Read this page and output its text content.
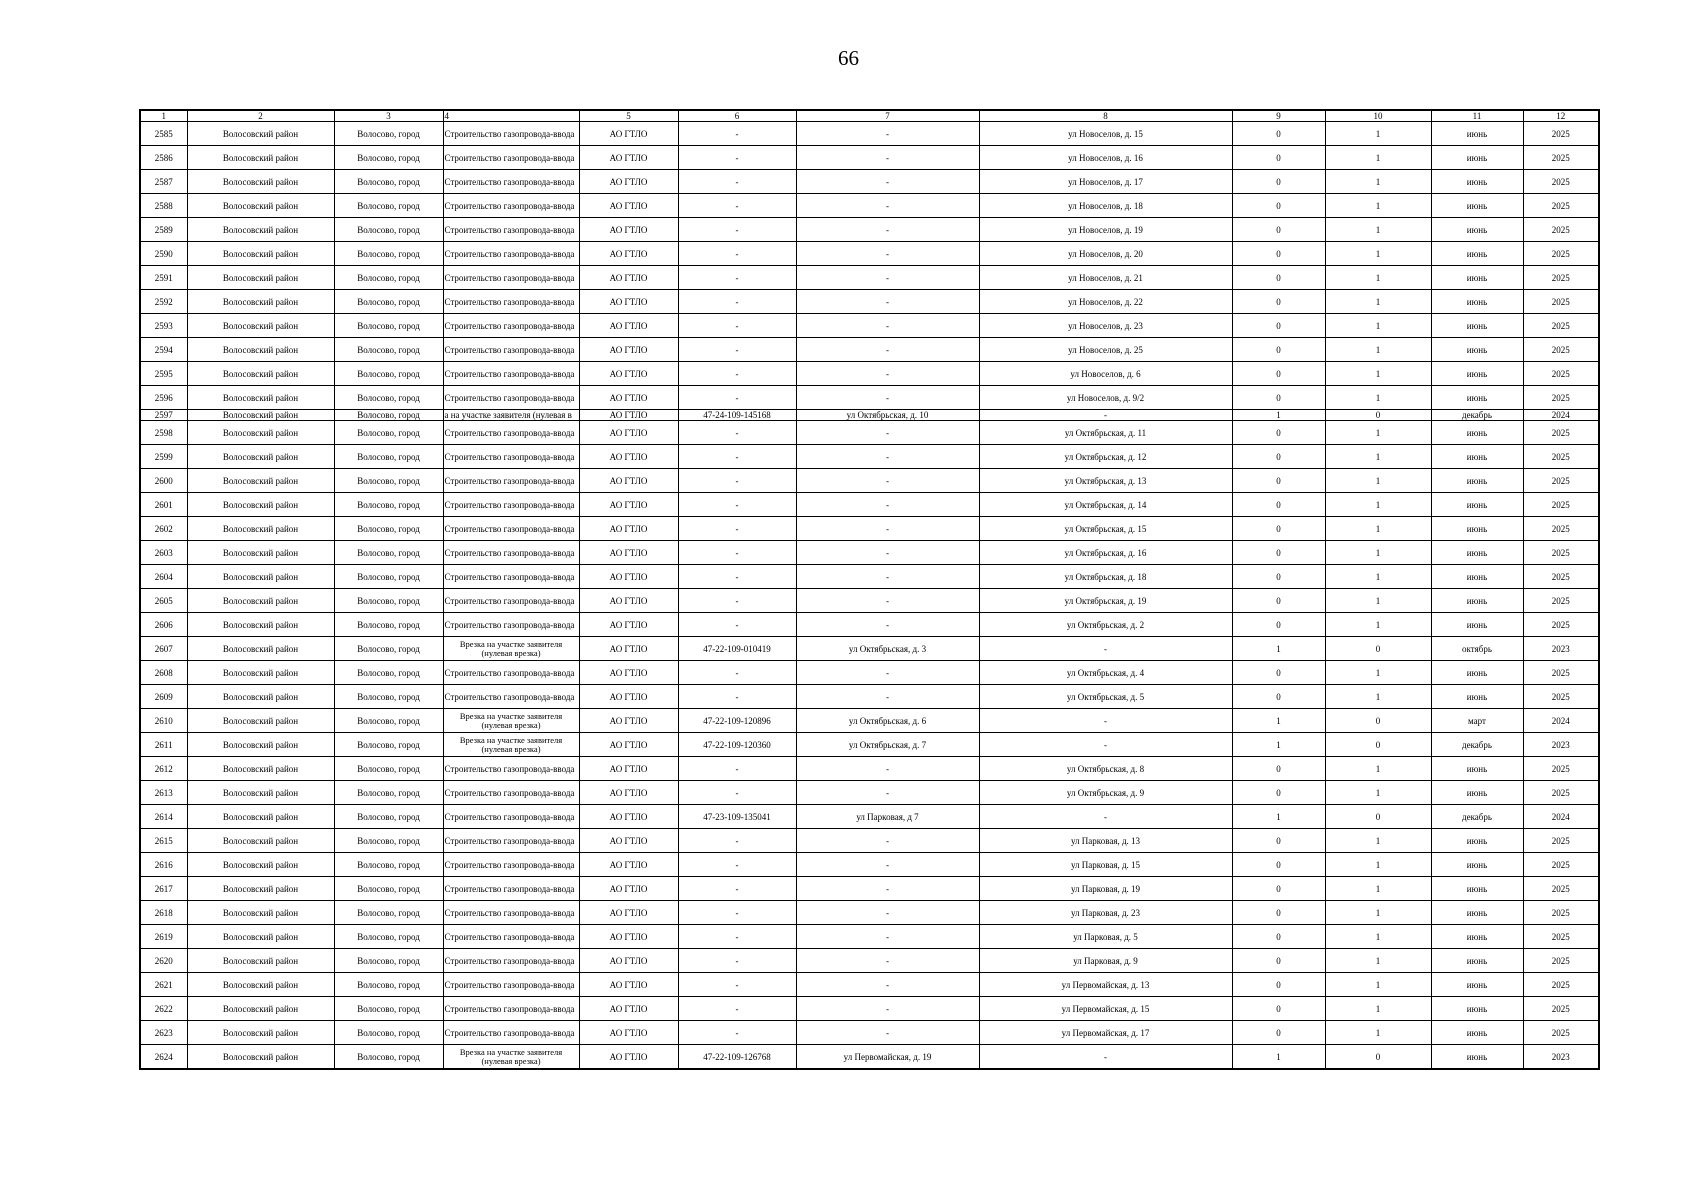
66
1	2	3	4	5	6	7	8	9	10	11	12
2585	Волосовский район	Волосово, город	Строительство газопровода-ввода	АО ГТЛО	-	-	ул Новоселов, д. 15	0	1	июнь	2025
2586	Волосовский район	Волосово, город	Строительство газопровода-ввода	АО ГТЛО	-	-	ул Новоселов, д. 16	0	1	июнь	2025
2587	Волосовский район	Волосово, город	Строительство газопровода-ввода	АО ГТЛО	-	-	ул Новоселов, д. 17	0	1	июнь	2025
2588	Волосовский район	Волосово, город	Строительство газопровода-ввода	АО ГТЛО	-	-	ул Новоселов, д. 18	0	1	июнь	2025
2589	Волосовский район	Волосово, город	Строительство газопровода-ввода	АО ГТЛО	-	-	ул Новоселов, д. 19	0	1	июнь	2025
2590	Волосовский район	Волосово, город	Строительство газопровода-ввода	АО ГТЛО	-	-	ул Новоселов, д. 20	0	1	июнь	2025
2591	Волосовский район	Волосово, город	Строительство газопровода-ввода	АО ГТЛО	-	-	ул Новоселов, д. 21	0	1	июнь	2025
2592	Волосовский район	Волосово, город	Строительство газопровода-ввода	АО ГТЛО	-	-	ул Новоселов, д. 22	0	1	июнь	2025
2593	Волосовский район	Волосово, город	Строительство газопровода-ввода	АО ГТЛО	-	-	ул Новоселов, д. 23	0	1	июнь	2025
2594	Волосовский район	Волосово, город	Строительство газопровода-ввода	АО ГТЛО	-	-	ул Новоселов, д. 25	0	1	июнь	2025
2595	Волосовский район	Волосово, город	Строительство газопровода-ввода	АО ГТЛО	-	-	ул Новоселов, д. 6	0	1	июнь	2025
2596	Волосовский район	Волосово, город	Строительство газопровода-ввода	АО ГТЛО	-	-	ул Новоселов, д. 9/2	0	1	июнь	2025
2597	Волосовский район	Волосово, город	а на участке заявителя (нулевая в	АО ГТЛО	47-24-109-145168	ул Октябрьская, д. 10	-	1	0	декабрь	2024
2598	Волосовский район	Волосово, город	Строительство газопровода-ввода	АО ГТЛО	-	-	ул Октябрьская, д. 11	0	1	июнь	2025
2599	Волосовский район	Волосово, город	Строительство газопровода-ввода	АО ГТЛО	-	-	ул Октябрьская, д. 12	0	1	июнь	2025
2600	Волосовский район	Волосово, город	Строительство газопровода-ввода	АО ГТЛО	-	-	ул Октябрьская, д. 13	0	1	июнь	2025
2601	Волосовский район	Волосово, город	Строительство газопровода-ввода	АО ГТЛО	-	-	ул Октябрьская, д. 14	0	1	июнь	2025
2602	Волосовский район	Волосово, город	Строительство газопровода-ввода	АО ГТЛО	-	-	ул Октябрьская, д. 15	0	1	июнь	2025
2603	Волосовский район	Волосово, город	Строительство газопровода-ввода	АО ГТЛО	-	-	ул Октябрьская, д. 16	0	1	июнь	2025
2604	Волосовский район	Волосово, город	Строительство газопровода-ввода	АО ГТЛО	-	-	ул Октябрьская, д. 18	0	1	июнь	2025
2605	Волосовский район	Волосово, город	Строительство газопровода-ввода	АО ГТЛО	-	-	ул Октябрьская, д. 19	0	1	июнь	2025
2606	Волосовский район	Волосово, город	Строительство газопровода-ввода	АО ГТЛО	-	-	ул Октябрьская, д. 2	0	1	июнь	2025
2607	Волосовский район	Волосово, город	Врезка на участке заявителя (нулевая врезка)	АО ГТЛО	47-22-109-010419	ул Октябрьская, д. 3	-	1	0	октябрь	2023
2608	Волосовский район	Волосово, город	Строительство газопровода-ввода	АО ГТЛО	-	-	ул Октябрьская, д. 4	0	1	июнь	2025
2609	Волосовский район	Волосово, город	Строительство газопровода-ввода	АО ГТЛО	-	-	ул Октябрьская, д. 5	0	1	июнь	2025
2610	Волосовский район	Волосово, город	Врезка на участке заявителя (нулевая врезка)	АО ГТЛО	47-22-109-120896	ул Октябрьская, д. 6	-	1	0	март	2024
2611	Волосовский район	Волосово, город	Врезка на участке заявителя (нулевая врезка)	АО ГТЛО	47-22-109-120360	ул Октябрьская, д. 7	-	1	0	декабрь	2023
2612	Волосовский район	Волосово, город	Строительство газопровода-ввода	АО ГТЛО	-	-	ул Октябрьская, д. 8	0	1	июнь	2025
2613	Волосовский район	Волосово, город	Строительство газопровода-ввода	АО ГТЛО	-	-	ул Октябрьская, д. 9	0	1	июнь	2025
2614	Волосовский район	Волосово, город	Строительство газопровода-ввода	АО ГТЛО	47-23-109-135041	ул Парковая, д 7	-	1	0	декабрь	2024
2615	Волосовский район	Волосово, город	Строительство газопровода-ввода	АО ГТЛО	-	-	ул Парковая, д. 13	0	1	июнь	2025
2616	Волосовский район	Волосово, город	Строительство газопровода-ввода	АО ГТЛО	-	-	ул Парковая, д. 15	0	1	июнь	2025
2617	Волосовский район	Волосово, город	Строительство газопровода-ввода	АО ГТЛО	-	-	ул Парковая, д. 19	0	1	июнь	2025
2618	Волосовский район	Волосово, город	Строительство газопровода-ввода	АО ГТЛО	-	-	ул Парковая, д. 23	0	1	июнь	2025
2619	Волосовский район	Волосово, город	Строительство газопровода-ввода	АО ГТЛО	-	-	ул Парковая, д. 5	0	1	июнь	2025
2620	Волосовский район	Волосово, город	Строительство газопровода-ввода	АО ГТЛО	-	-	ул Парковая, д. 9	0	1	июнь	2025
2621	Волосовский район	Волосово, город	Строительство газопровода-ввода	АО ГТЛО	-	-	ул Первомайская, д. 13	0	1	июнь	2025
2622	Волосовский район	Волосово, город	Строительство газопровода-ввода	АО ГТЛО	-	-	ул Первомайская, д. 15	0	1	июнь	2025
2623	Волосовский район	Волосово, город	Строительство газопровода-ввода	АО ГТЛО	-	-	ул Первомайская, д. 17	0	1	июнь	2025
2624	Волосовский район	Волосово, город	Врезка на участке заявителя (нулевая врезка)	АО ГТЛО	47-22-109-126768	ул Первомайская, д. 19	-	1	0	июнь	2023
